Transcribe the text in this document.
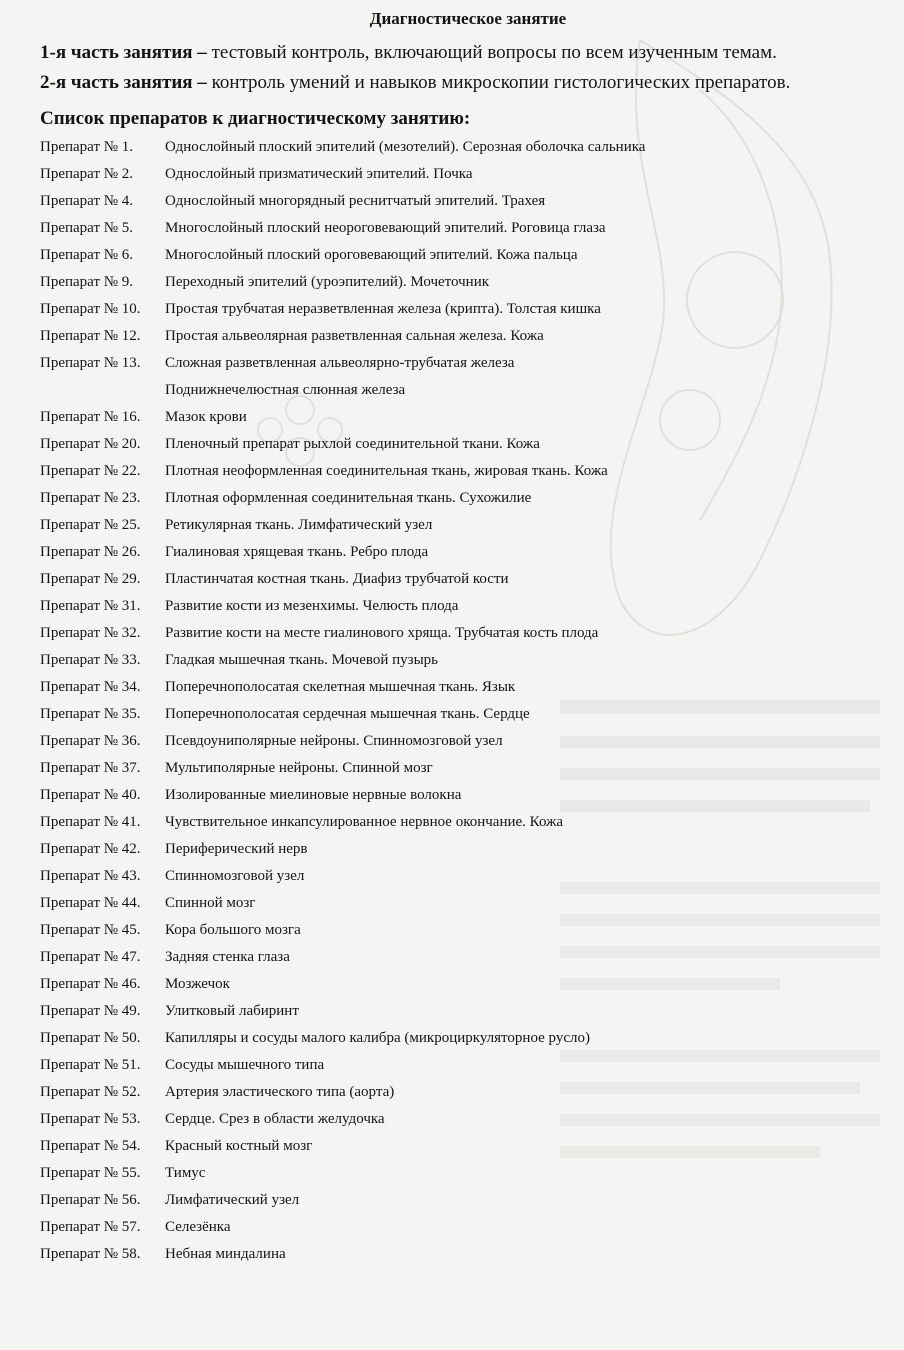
Диагностическое занятие

1-я часть занятия – тестовый контроль, включающий вопросы по всем изученным темам.

2-я часть занятия – контроль умений и навыков микроскопии гистологических препаратов.

Список препаратов к диагностическому занятию:
Препарат № 1.	Однослойный плоский эпителий (мезотелий). Серозная оболочка сальника
Препарат № 2.	Однослойный призматический эпителий. Почка
Препарат № 4.	Однослойный многорядный реснитчатый эпителий. Трахея
Препарат № 5.	Многослойный плоский неороговевающий эпителий. Роговица глаза
Препарат № 6.	Многослойный плоский ороговевающий эпителий. Кожа пальца
Препарат № 9.	Переходный эпителий (уроэпителий). Мочеточник
Препарат № 10.	Простая трубчатая неразветвленная железа (крипта). Толстая кишка
Препарат № 12.	Простая альвеолярная разветвленная сальная железа. Кожа
Препарат № 13.	Сложная разветвленная альвеолярно-трубчатая железа
Поднижнечелюстная слюнная железа
Препарат № 16.	Мазок крови
Препарат № 20.	Пленочный препарат рыхлой соединительной ткани. Кожа
Препарат № 22.	Плотная неоформленная соединительная ткань, жировая ткань. Кожа
Препарат № 23.	Плотная оформленная соединительная ткань. Сухожилие
Препарат № 25.	Ретикулярная ткань. Лимфатический узел
Препарат № 26.	Гиалиновая хрящевая ткань. Ребро плода
Препарат № 29.	Пластинчатая костная ткань. Диафиз трубчатой кости
Препарат № 31.	Развитие кости из мезенхимы. Челюсть плода
Препарат № 32.	Развитие кости на месте гиалинового хряща. Трубчатая кость плода
Препарат № 33.	Гладкая мышечная ткань. Мочевой пузырь
Препарат № 34.	Поперечнополосатая скелетная мышечная ткань. Язык
Препарат № 35.	Поперечнополосатая сердечная мышечная ткань. Сердце
Препарат № 36.	Псевдоуниполярные нейроны. Спинномозговой узел
Препарат № 37.	Мультиполярные нейроны. Спинной мозг
Препарат № 40.	Изолированные миелиновые нервные волокна
Препарат № 41.	Чувствительное инкапсулированное нервное окончание. Кожа
Препарат № 42.	Периферический нерв
Препарат № 43.	Спинномозговой узел
Препарат № 44.	Спинной мозг
Препарат № 45.	Кора большого мозга
Препарат № 47.	Задняя стенка глаза
Препарат № 46.	Мозжечок
Препарат № 49.	Улитковый лабиринт
Препарат № 50.	Капилляры и сосуды малого калибра (микроциркуляторное русло)
Препарат № 51.	Сосуды мышечного типа
Препарат № 52.	Артерия эластического типа (аорта)
Препарат № 53.	Сердце. Срез в области желудочка
Препарат № 54.	Красный костный мозг
Препарат № 55.	Тимус
Препарат № 56.	Лимфатический узел
Препарат № 57.	Селезёнка
Препарат № 58.	Небная миндалина
